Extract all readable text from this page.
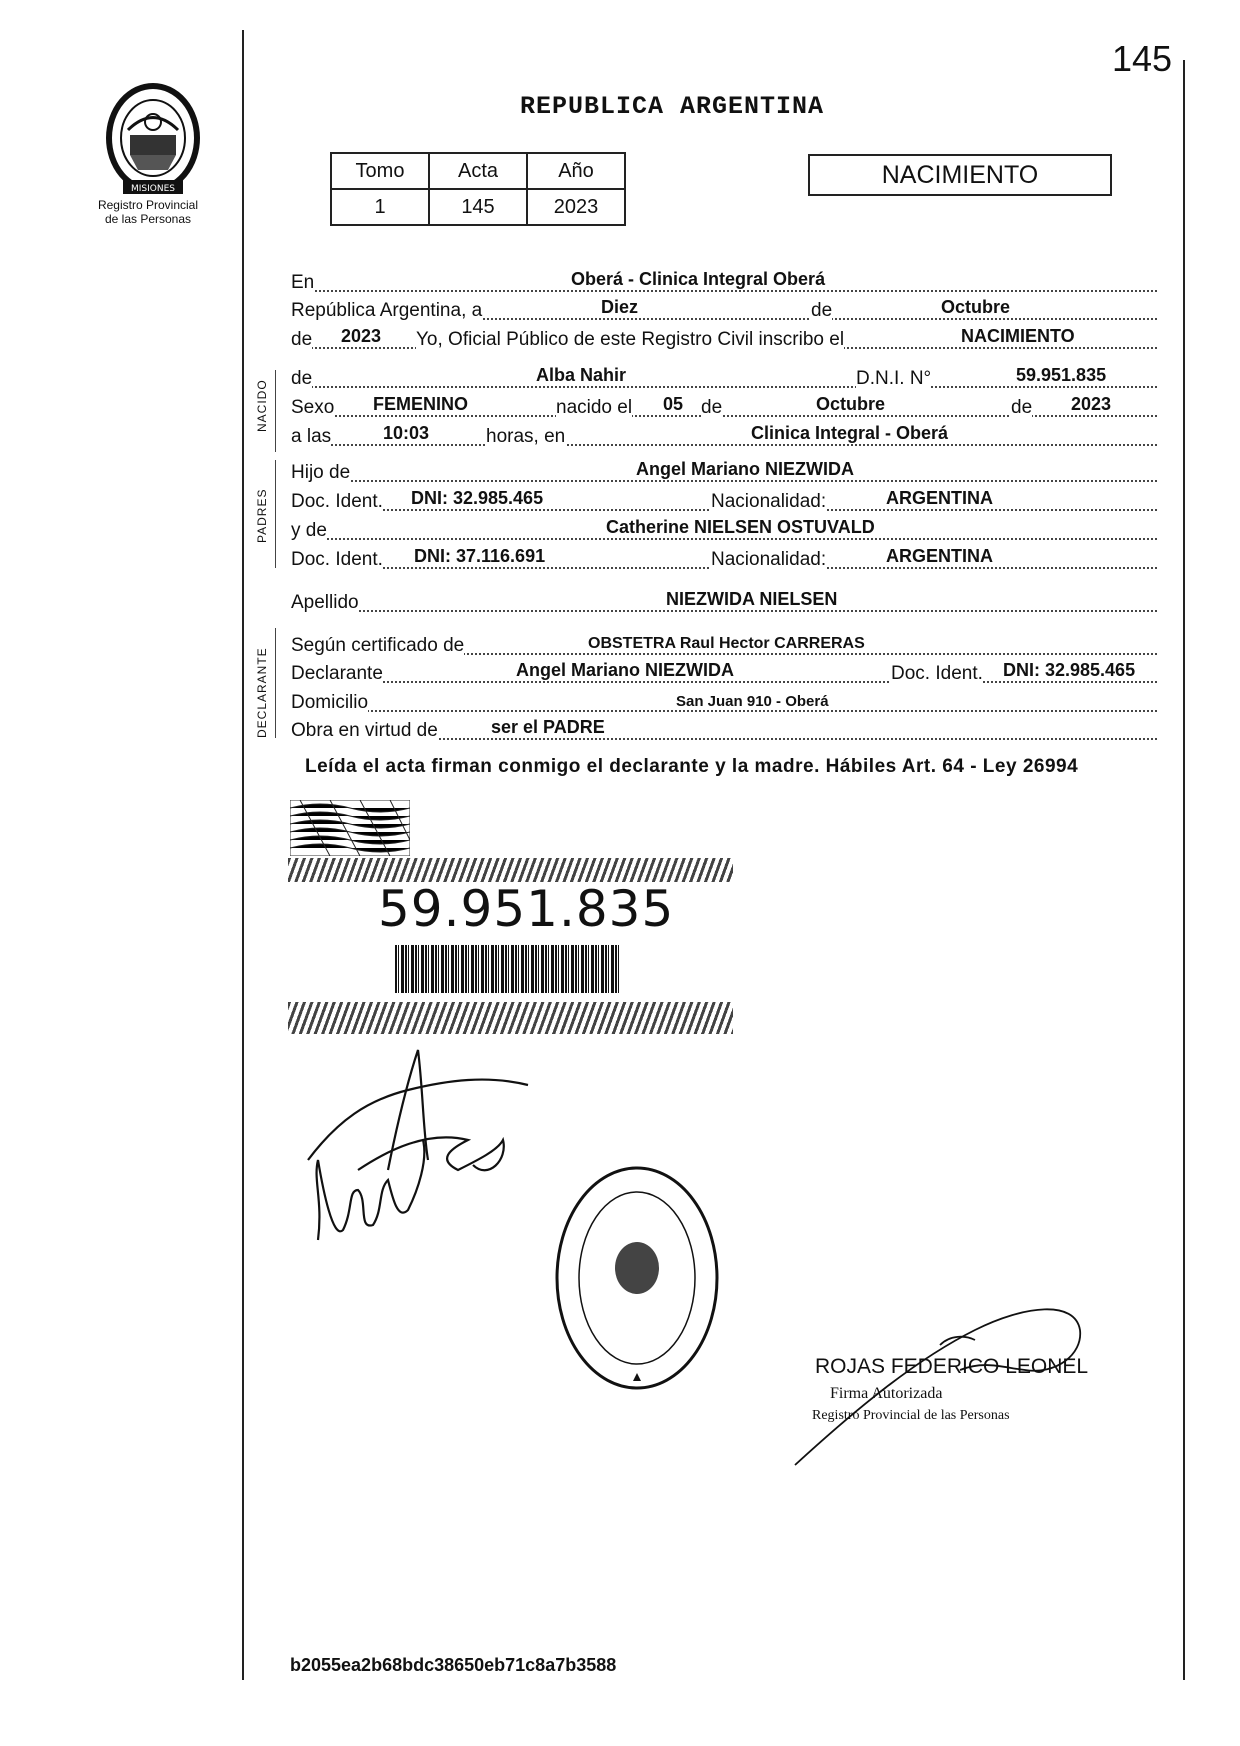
145
MISIONES
Registro Provincial
de las Personas
REPUBLICA ARGENTINA
Tomo	Acta	Año
1	145	2023
NACIMIENTO
En	Oberá - Clinica Integral Oberá
República Argentina, a	Diez	de	Octubre
de 2023 Yo, Oficial Público de este Registro Civil inscribo el	NACIMIENTO
NACIDO
de	Alba Nahir	D.N.I. N°	59.951.835
Sexo FEMENINO	nacido el 05 de	Octubre	de 2023
a las	10:03	horas, en	Clinica Integral - Oberá
PADRES
Hijo de	Angel Mariano NIEZWIDA
Doc. Ident. DNI: 32.985.465	Nacionalidad:	ARGENTINA
y de	Catherine NIELSEN OSTUVALD
Doc. Ident. DNI: 37.116.691	Nacionalidad:	ARGENTINA
Apellido	NIEZWIDA NIELSEN
DECLARANTE
Según certificado de	OBSTETRA Raul Hector CARRERAS
Declarante	Angel Mariano NIEZWIDA	Doc. Ident. DNI: 32.985.465
Domicilio	San Juan 910 - Oberá
Obra en virtud de	ser el PADRE
Leída el acta firman conmigo el declarante y la madre. Hábiles Art. 64 - Ley 26994
59.951.835
ROJAS FEDERICO LEONEL
Firma Autorizada
Registro Provincial de las Personas
b2055ea2b68bdc38650eb71c8a7b3588
